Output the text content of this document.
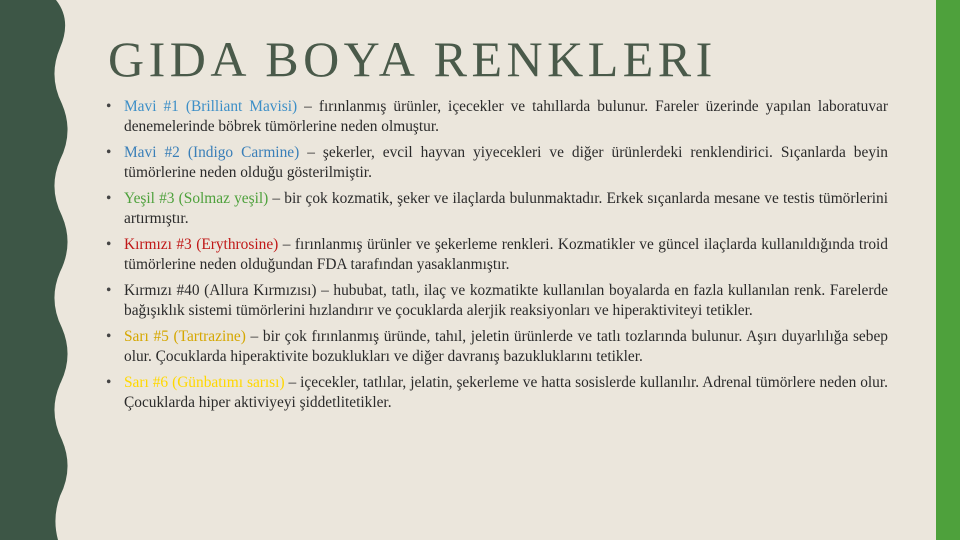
GIDA BOYA RENKLERI
• Mavi #1 (Brilliant Mavisi) – fırınlanmış ürünler, içecekler ve tahıllarda bulunur. Fareler üzerinde yapılan laboratuvar denemelerinde böbrek tümörlerine neden olmuştur.
• Mavi #2 (Indigo Carmine) – şekerler, evcil hayvan yiyecekleri ve diğer ürünlerdeki renklendirici. Sıçanlarda beyin tümörlerine neden olduğu gösterilmiştir.
• Yeşil #3 (Solmaz yeşil) – bir çok kozmatik, şeker ve ilaçlarda bulunmaktadır. Erkek sıçanlarda mesane ve testis tümörlerini artırmıştır.
• Kırmızı #3 (Erythrosine) – fırınlanmış ürünler ve şekerleme renkleri. Kozmatikler ve güncel ilaçlarda kullanıldığında troid tümörlerine neden olduğundan FDA tarafından yasaklanmıştır.
• Kırmızı #40 (Allura Kırmızısı) – hububat, tatlı, ilaç ve kozmatikte kullanılan boyalarda en fazla kullanılan renk. Farelerde bağışıklık sistemi tümörlerini hızlandırır ve çocuklarda alerjik reaksiyonları ve hiperaktiviteyi tetikler.
• Sarı #5 (Tartrazine) – bir çok fırınlanmış üründe, tahıl, jeletin ürünlerde ve tatlı tozlarında bulunur. Aşırı duyarlılığa sebep olur. Çocuklarda hiperaktivite bozuklukları ve diğer davranış bazukluklarını tetikler.
• Sarı #6 (Günbatımı sarısı) – içecekler, tatlılar, jelatin, şekerleme ve hatta sosislerde kullanılır. Adrenal tümörlere neden olur. Çocuklarda hiper aktiviyeyi şiddetlitetikler.
